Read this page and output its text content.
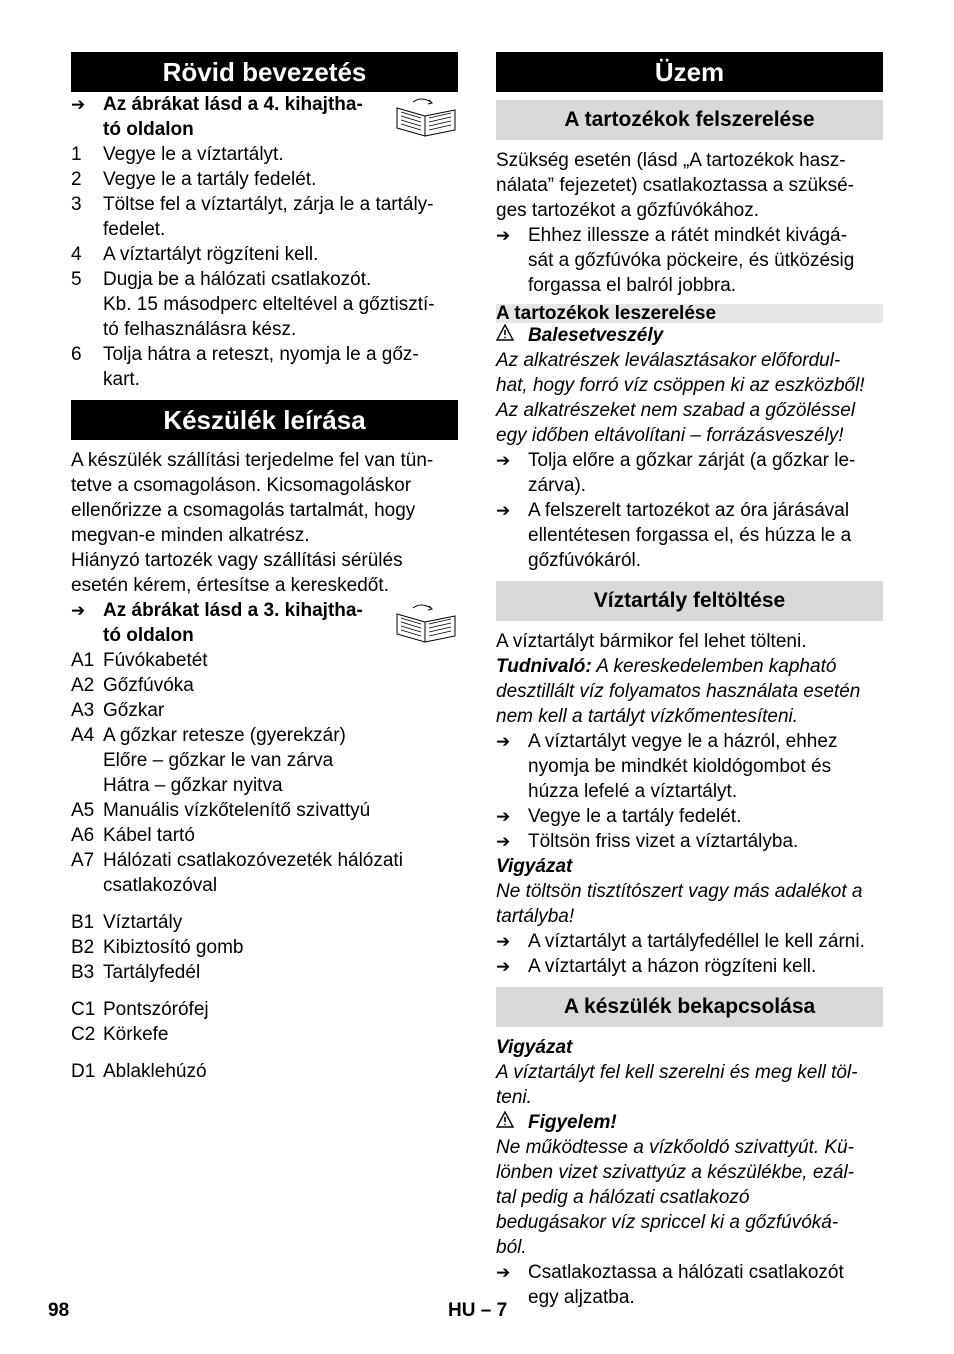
Rövid bevezetés
➔ Az ábrákat lásd a 4. kihajtha-
tó oldalon
1	Vegye le a víztartályt.
2	Vegye le a tartály fedelét.
3	Töltse fel a víztartályt, zárja le a tartály-
fedelet.
4	A víztartályt rögzíteni kell.
5	Dugja be a hálózati csatlakozót.
Kb. 15 másodperc elteltével a gőztisztí-
tó felhasználásra kész.
6	Tolja hátra a reteszt, nyomja le a gőz-
kart.
Készülék leírása
A készülék szállítási terjedelme fel van tün-
tetve a csomagoláson. Kicsomagoláskor
ellenőrizze a csomagolás tartalmát, hogy
megvan-e minden alkatrész.
Hiányzó tartozék vagy szállítási sérülés
esetén kérem, értesítse a kereskedőt.
➔ Az ábrákat lásd a 3. kihajtha-
tó oldalon
A1 Fúvókabetét
A2 Gőzfúvóka
A3 Gőzkar
A4 A gőzkar retesze (gyerekzár)
Előre – gőzkar le van zárva
Hátra – gőzkar nyitva
A5 Manuális vízkőtelenítő szivattyú
A6 Kábel tartó
A7 Hálózati csatlakozóvezeték hálózati
csatlakozóval
B1 Víztartály
B2 Kibiztosító gomb
B3 Tartályfedél
C1 Pontszórófej
C2 Körkefe
D1 Ablaklehúzó
Üzem
A tartozékok felszerelése
Szükség esetén (lásd „A tartozékok hasz-
nálata” fejezetet) csatlakoztassa a szüksé-
ges tartozékot a gőzfúvókához.
➔ Ehhez illessze a rátét mindkét kivágá-
sát a gőzfúvóka pöckeire, és ütközésig
forgassa el balról jobbra.
A tartozékok leszerelése
Balesetveszély
Az alkatrészek leválasztásakor előfordul-
hat, hogy forró víz csöppen ki az eszközből!
Az alkatrészeket nem szabad a gőzöléssel
egy időben eltávolítani – forrázásveszély!
➔ Tolja előre a gőzkar zárját (a gőzkar le-
zárva).
➔ A felszerelt tartozékot az óra járásával
ellentétesen forgassa el, és húzza le a
gőzfúvókáról.
Víztartály feltöltése
A víztartályt bármikor fel lehet tölteni.
Tudnivaló: A kereskedelemben kapható
desztillált víz folyamatos használata esetén
nem kell a tartályt vízkőmentesíteni.
➔ A víztartályt vegye le a házról, ehhez
nyomja be mindkét kioldógombot és
húzza lefelé a víztartályt.
➔ Vegye le a tartály fedelét.
➔ Töltsön friss vizet a víztartályba.
Vigyázat
Ne töltsön tisztítószert vagy más adalékot a
tartályba!
➔ A víztartályt a tartályfedéllel le kell zárni.
➔ A víztartályt a házon rögzíteni kell.
A készülék bekapcsolása
Vigyázat
A víztartályt fel kell szerelni és meg kell töl-
teni.
Figyelem!
Ne működtesse a vízkőoldó szivattyút. Kü-
lönben vizet szivattyúz a készülékbe, ezál-
tal pedig a hálózati csatlakozó
bedugásakor víz spriccel ki a gőzfúvóká-
ból.
➔ Csatlakoztassa a hálózati csatlakozót
egy aljzatba.
98	HU – 7
